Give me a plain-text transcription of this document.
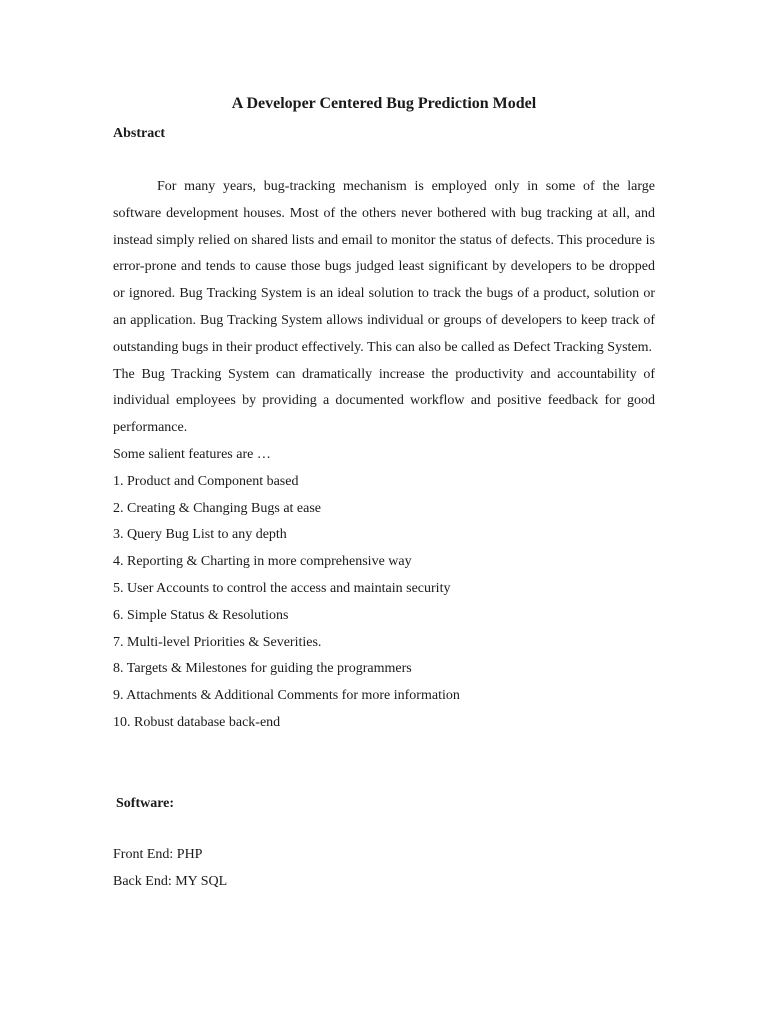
A Developer Centered Bug Prediction Model
Abstract

For many years, bug-tracking mechanism is employed only in some of the large software development houses. Most of the others never bothered with bug tracking at all, and instead simply relied on shared lists and email to monitor the status of defects. This procedure is error-prone and tends to cause those bugs judged least significant by developers to be dropped or ignored. Bug Tracking System is an ideal solution to track the bugs of a product, solution or an application. Bug Tracking System allows individual or groups of developers to keep track of outstanding bugs in their product effectively. This can also be called as Defect Tracking System.

The Bug Tracking System can dramatically increase the productivity and accountability of individual employees by providing a documented workflow and positive feedback for good performance.

Some salient features are …

1. Product and Component based
2. Creating & Changing Bugs at ease
3. Query Bug List to any depth
4. Reporting & Charting in more comprehensive way
5. User Accounts to control the access and maintain security
6. Simple Status & Resolutions
7. Multi-level Priorities & Severities.
8. Targets & Milestones for guiding the programmers
9. Attachments & Additional Comments for more information
10. Robust database back-end
Software:

Front End: PHP

Back End: MY SQL
